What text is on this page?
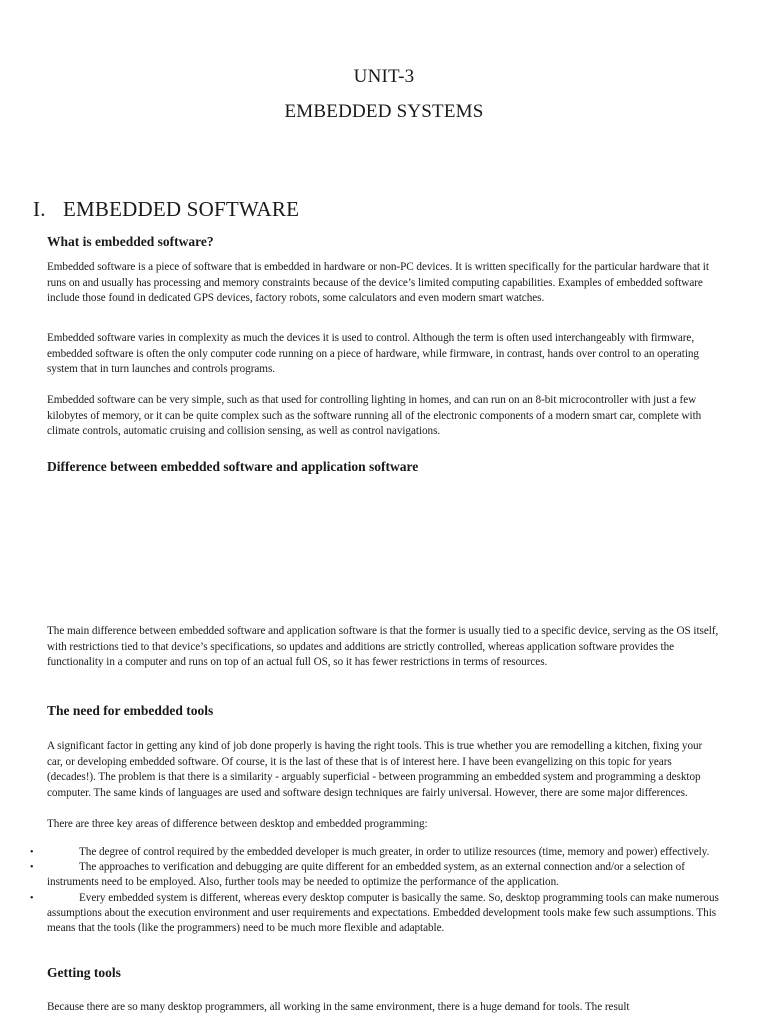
UNIT-3
EMBEDDED SYSTEMS
I. EMBEDDED SOFTWARE
What is embedded software?
Embedded software is a piece of software that is embedded in hardware or non-PC devices. It is written specifically for the particular hardware that it runs on and usually has processing and memory constraints because of the device’s limited computing capabilities. Examples of embedded software include those found in dedicated GPS devices, factory robots, some calculators and even modern smart watches.
Embedded software varies in complexity as much the devices it is used to control. Although the term is often used interchangeably with firmware, embedded software is often the only computer code running on a piece of hardware, while firmware, in contrast, hands over control to an operating system that in turn launches and controls programs.
Embedded software can be very simple, such as that used for controlling lighting in homes, and can run on an 8-bit microcontroller with just a few kilobytes of memory, or it can be quite complex such as the software running all of the electronic components of a modern smart car, complete with climate controls, automatic cruising and collision sensing, as well as control navigations.
Difference between embedded software and application software
The main difference between embedded software and application software is that the former is usually tied to a specific device, serving as the OS itself, with restrictions tied to that device’s specifications, so updates and additions are strictly controlled, whereas application software provides the functionality in a computer and runs on top of an actual full OS, so it has fewer restrictions in terms of resources.
The need for embedded tools
A significant factor in getting any kind of job done properly is having the right tools. This is true whether you are remodelling a kitchen, fixing your car, or developing embedded software. Of course, it is the last of these that is of interest here. I have been evangelizing on this topic for years (decades!). The problem is that there is a similarity - arguably superficial - between programming an embedded system and programming a desktop computer. The same kinds of languages are used and software design techniques are fairly universal. However, there are some major differences.
There are three key areas of difference between desktop and embedded programming:
•	The degree of control required by the embedded developer is much greater, in order to utilize resources (time, memory and power) effectively.
•	The approaches to verification and debugging are quite different for an embedded system, as an external connection and/or a selection of instruments need to be employed. Also, further tools may be needed to optimize the performance of the application.
•	Every embedded system is different, whereas every desktop computer is basically the same. So, desktop programming tools can make numerous assumptions about the execution environment and user requirements and expectations. Embedded development tools make few such assumptions. This means that the tools (like the programmers) need to be much more flexible and adaptable.
Getting tools
Because there are so many desktop programmers, all working in the same environment, there is a huge demand for tools. The result
